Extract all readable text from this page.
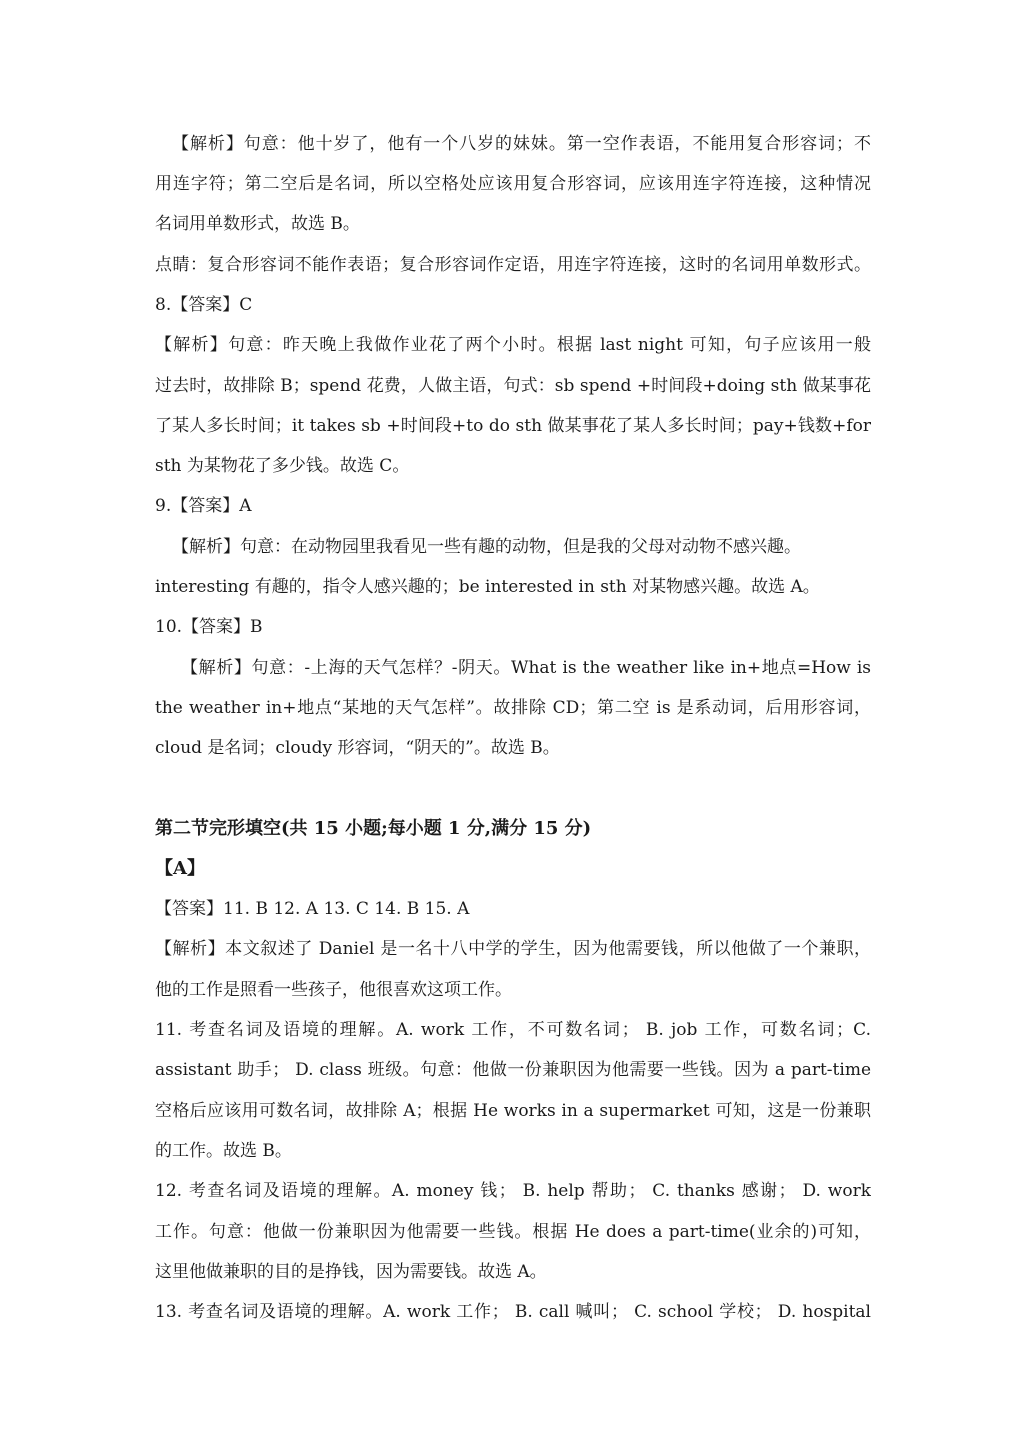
【解析】句意：他十岁了，他有一个八岁的妹妹。第一空作表语，不能用复合形容词；不
用连字符；第二空后是名词，所以空格处应该用复合形容词，应该用连字符连接，这种情况
名词用单数形式，故选 B。
点睛：复合形容词不能作表语；复合形容词作定语，用连字符连接，这时的名词用单数形式。
8.【答案】C
【解析】句意：昨天晚上我做作业花了两个小时。根据 last night 可知，句子应该用一般
过去时，故排除 B；spend 花费，人做主语，句式：sb spend +时间段+doing sth 做某事花
了某人多长时间；it takes sb +时间段+to do sth 做某事花了某人多长时间；pay+钱数+for
sth 为某物花了多少钱。故选 C。
9.【答案】A
【解析】句意：在动物园里我看见一些有趣的动物，但是我的父母对动物不感兴趣。
interesting 有趣的，指令人感兴趣的；be interested in sth 对某物感兴趣。故选 A。
10.【答案】B
【解析】句意：-上海的天气怎样？-阴天。What is the weather like in+地点=How is
the weather in+地点“某地的天气怎样”。故排除 CD；第二空 is 是系动词，后用形容词，
cloud 是名词；cloudy 形容词，“阴天的”。故选 B。
第二节完形填空(共 15 小题;每小题 1 分,满分 15 分)
【A】
【答案】11. B 12. A 13. C 14. B 15. A
【解析】本文叙述了 Daniel 是一名十八中学的学生，因为他需要钱，所以他做了一个兼职，
他的工作是照看一些孩子，他很喜欢这项工作。
11. 考查名词及语境的理解。A. work 工作，不可数名词； B. job 工作，可数名词；C.
assistant 助手； D. class 班级。句意：他做一份兼职因为他需要一些钱。因为 a part-time
空格后应该用可数名词，故排除 A；根据 He works in a supermarket 可知，这是一份兼职
的工作。故选 B。
12. 考查名词及语境的理解。A. money 钱； B. help 帮助； C. thanks 感谢； D. work
工作。句意：他做一份兼职因为他需要一些钱。根据 He does a part-time(业余的)可知，
这里他做兼职的目的是挣钱，因为需要钱。故选 A。
13. 考查名词及语境的理解。A. work 工作； B. call 喊叫； C. school 学校； D. hospital
